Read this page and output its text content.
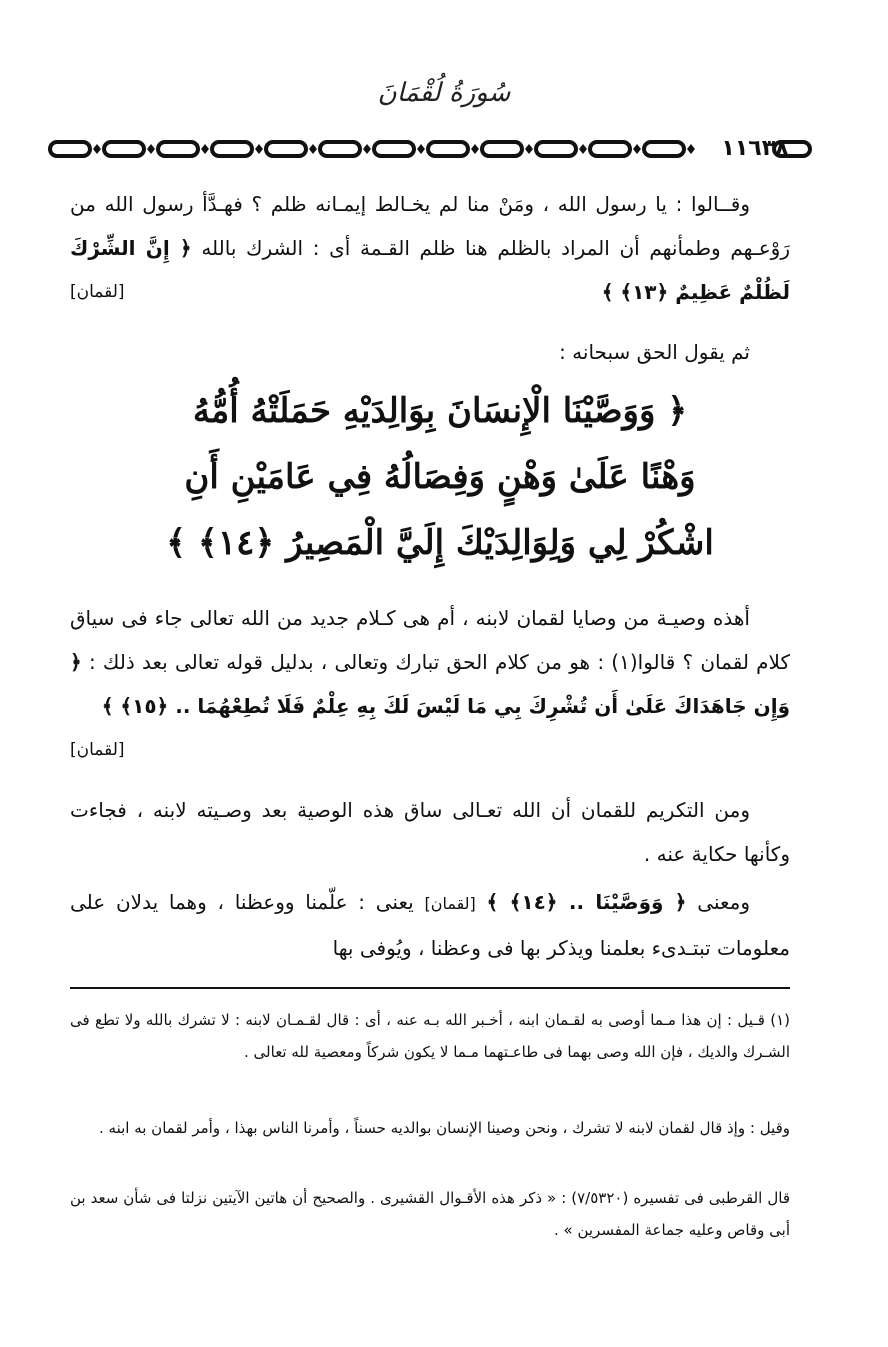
سُورَةُ لُقْمَانَ
١١٦٣٨
وقــالوا : يا رسول الله ، ومَنْ منا لم يخـالط إيمـانه ظلم ؟ فهـدَّأ رسول الله من رَوْعـهم وطمأنهم أن المراد بالظلم هنا ظلم القـمة أى : الشرك بالله ﴿ إِنَّ الشِّرْكَ لَظُلْمٌ عَظِيمٌ ﴿١٣﴾ ﴾
[لقمان]
ثم يقول الحق سبحانه :
﴿ وَوَصَّيْنَا الْإِنسَانَ بِوَالِدَيْهِ حَمَلَتْهُ أُمُّهُ
وَهْنًا عَلَىٰ وَهْنٍ وَفِصَالُهُ فِي عَامَيْنِ أَنِ
اشْكُرْ لِي وَلِوَالِدَيْكَ إِلَيَّ الْمَصِيرُ ﴿١٤﴾ ﴾
أهذه وصيـة من وصايا لقمان لابنه ، أم هى كـلام جديد من الله تعالى جاء فى سياق كلام لقمان ؟ قالوا(١) : هو من كلام الحق تبارك وتعالى ، بدليل قوله تعالى بعد ذلك : ﴿ وَإِن جَاهَدَاكَ عَلَىٰ أَن تُشْرِكَ بِي مَا لَيْسَ لَكَ بِهِ عِلْمٌ فَلَا تُطِعْهُمَا .. ﴿١٥﴾ ﴾
[لقمان]
ومن التكريم للقمان أن الله تعـالى ساق هذه الوصية بعد وصـيته لابنه ، فجاءت وكأنها حكاية عنه .
ومعنى ﴿ وَوَصَّيْنَا .. ﴿١٤﴾ ﴾ [لقمان] يعنى : علّمنا ووعظنا ، وهما يدلان على معلومات تبتـدىء بعلمنا ويذكر بها فى وعظنا ، ويُوفى بها
(١) قـيل : إن هذا مـما أوصى به لقـمان ابنه ، أخـبر الله بـه عنه ، أى : قال لقـمـان لابنه : لا تشرك بالله ولا تطع فى الشـرك والديك ، فإن الله وصى بهما فى طاعـتهما مـما لا يكون شركاً ومعصية لله تعالى .
وقيل : وإذ قال لقمان لابنه لا تشرك ، ونحن وصينا الإنسان بوالديه حسناً ، وأمرنا الناس بهذا ، وأمر لقمان به ابنه .
قال القرطبى فى تفسيره (٧/٥٣٢٠) : « ذكر هذه الأقـوال القشيرى . والصحيح أن هاتين الآيتين نزلتا فى شأن سعد بن أبى وقاص وعليه جماعة المفسرين » .
